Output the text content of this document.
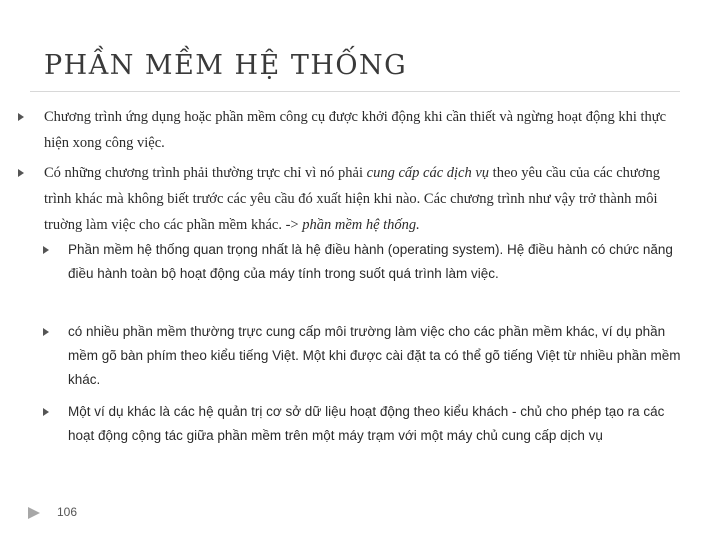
PHẦN MỀM HỆ THỐNG
Chương trình ứng dụng hoặc phần mềm công cụ được khởi động khi cần thiết và ngừng hoạt động khi thực hiện xong công việc.
Có những chương trình phải thường trực chỉ vì nó phải cung cấp các dịch vụ theo yêu cầu của các chương trình khác mà không biết trước các yêu cầu đó xuất hiện khi nào. Các chương trình như vậy trở thành môi truờng làm việc cho các phần mềm khác. -> phần mềm hệ thống.
Phần mềm hệ thống quan trọng nhất là hệ điều hành (operating system). Hệ điều hành có chức năng điều hành toàn bộ hoạt động của máy tính trong suốt quá trình làm việc.
có nhiều phần mềm thường trực cung cấp môi trường làm việc cho các phần mềm khác, ví dụ phần mềm gõ bàn phím theo kiểu tiếng Việt. Một khi được cài đặt ta có thể gõ tiếng Việt từ nhiều phần mềm khác.
Một ví dụ khác là các hệ quản trị cơ sở dữ liệu hoạt động theo kiểu khách - chủ cho phép tạo ra các hoạt động cộng tác giữa phần mềm trên một máy trạm với một máy chủ cung cấp dịch vụ
106
